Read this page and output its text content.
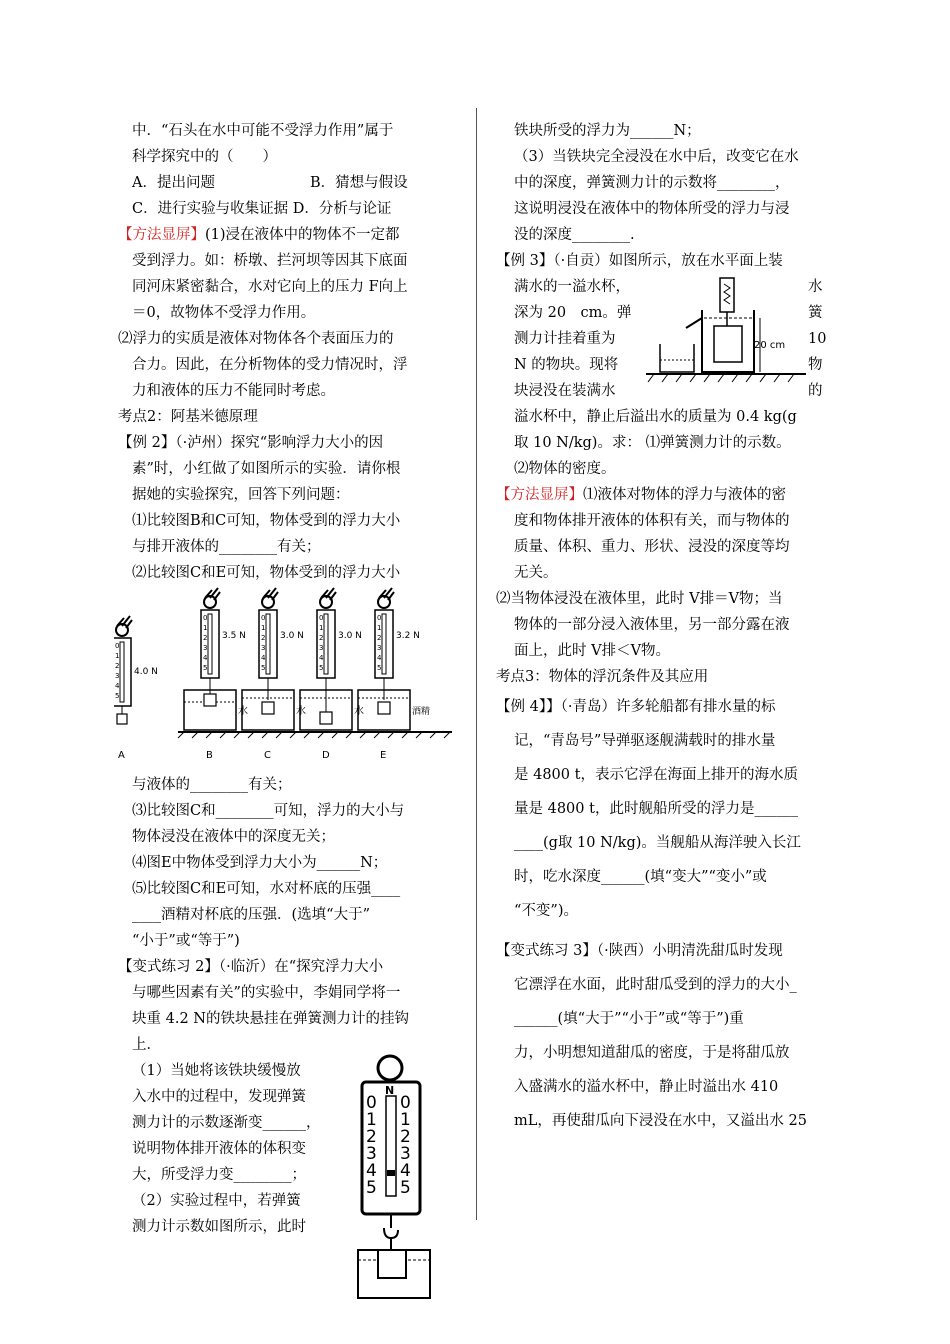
中．“石头在水中可能不受浮力作用”属于

科学探究中的（　　）

A．提出问题	B．猜想与假设

C．进行实验与收集证据 D．分析与论证

【方法显屏】(1)浸在液体中的物体不一定都

受到浮力。如：桥墩、拦河坝等因其下底面

同河床紧密黏合，水对它向上的压力 F向上

＝0，故物体不受浮力作用。

⑵浮力的实质是液体对物体各个表面压力的

合力。因此，在分析物体的受力情况时，浮

力和液体的压力不能同时考虑。

考点2：阿基米德原理

【例 2】（·泸州）探究“影响浮力大小的因

素”时，小红做了如图所示的实验．请你根

据她的实验探究，回答下列问题：

⑴比较图B和C可知，物体受到的浮力大小

与排开液体的________有关；

⑵比较图C和E可知，物体受到的浮力大小

0
1
2
3
4
5
4.0 N
A
0
1
2
3
4
5
3.5 N
B
水
0
1
2
3
4
5
3.0 N
C
水
0
1
2
3
4
5
3.0 N
D
水
0
1
2
3
4
5
3.2 N
E
酒精

与液体的________有关；

⑶比较图C和________可知，浮力的大小与

物体浸没在液体中的深度无关；

⑷图E中物体受到浮力大小为______N；

⑸比较图C和E可知，水对杯底的压强____

____酒精对杯底的压强．(选填“大于”

“小于”或“等于”)

【变式练习 2】（·临沂）在“探究浮力大小

与哪些因素有关”的实验中，李娟同学将一

块重 4.2 N的铁块悬挂在弹簧测力计的挂钩

上．

（1）当她将该铁块缓慢放

入水中的过程中，发现弹簧

测力计的示数逐渐变______，

说明物体排开液体的体积变

大，所受浮力变________；

（2）实验过程中，若弹簧

测力计示数如图所示，此时

N
0 0
1 1
2 2
3 3
4 4
5 5

铁块所受的浮力为______N；

（3）当铁块完全浸没在水中后，改变它在水

中的深度，弹簧测力计的示数将________，

这说明浸没在液体中的物体所受的浮力与浸

没的深度________.

【例 3】（·自贡）如图所示，放在水平面上装

满水的一溢水杯，

深为 20　cm。弹

测力计挂着重为

N 的物块。现将

块浸没在装满水

水

簧

10

物

的

20 cm

溢水杯中，静止后溢出水的质量为 0.4 kg(g

取 10 N/kg)。求： ⑴弹簧测力计的示数。

⑵物体的密度。

【方法显屏】⑴液体对物体的浮力与液体的密

度和物体排开液体的体积有关，而与物体的

质量、体积、重力、形状、浸没的深度等均

无关。

⑵当物体浸没在液体里，此时 V排＝V物；当

物体的一部分浸入液体里，另一部分露在液

面上，此时 V排＜V物。

考点3：物体的浮沉条件及其应用

【例 4】】（·青岛）许多轮船都有排水量的标

记，“青岛号”导弹驱逐舰满载时的排水量

是 4800 t，表示它浮在海面上排开的海水质

量是 4800 t，此时舰船所受的浮力是______

____(g取 10 N/kg)。当舰船从海洋驶入长江

时，吃水深度______(填“变大”“变小”或

“不变”)。

【变式练习 3】（·陕西）小明清洗甜瓜时发现

它漂浮在水面，此时甜瓜受到的浮力的大小_

______(填“大于”“小于”或“等于”)重

力，小明想知道甜瓜的密度，于是将甜瓜放

入盛满水的溢水杯中，静止时溢出水 410

mL，再使甜瓜向下浸没在水中，又溢出水 25
